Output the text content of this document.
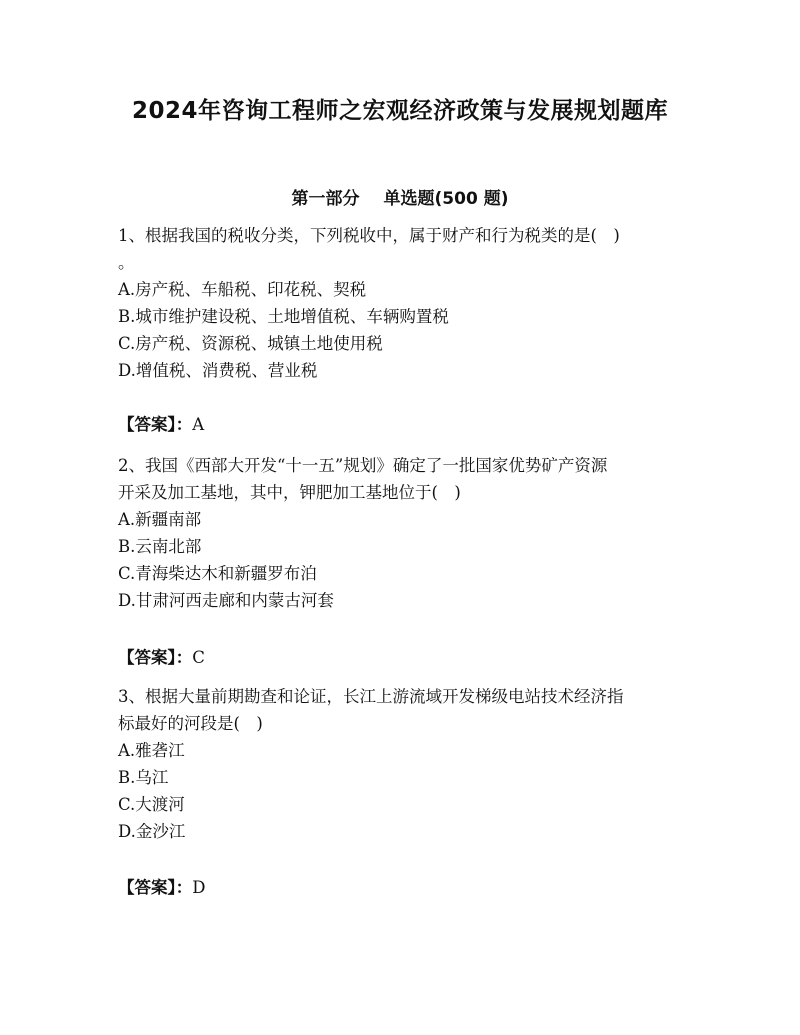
2024年咨询工程师之宏观经济政策与发展规划题库
第一部分 单选题(500 题)

1、根据我国的税收分类，下列税收中，属于财产和行为税类的是(　)

。

A.房产税、车船税、印花税、契税

B.城市维护建设税、土地增值税、车辆购置税

C.房产税、资源税、城镇土地使用税

D.增值税、消费税、营业税

【答案】：A

2、我国《西部大开发“十一五”规划》确定了一批国家优势矿产资源

开采及加工基地，其中，钾肥加工基地位于(　)

A.新疆南部

B.云南北部

C.青海柴达木和新疆罗布泊

D.甘肃河西走廊和内蒙古河套

【答案】：C

3、根据大量前期勘查和论证，长江上游流域开发梯级电站技术经济指

标最好的河段是(　)

A.雅砻江

B.乌江

C.大渡河

D.金沙江

【答案】：D
